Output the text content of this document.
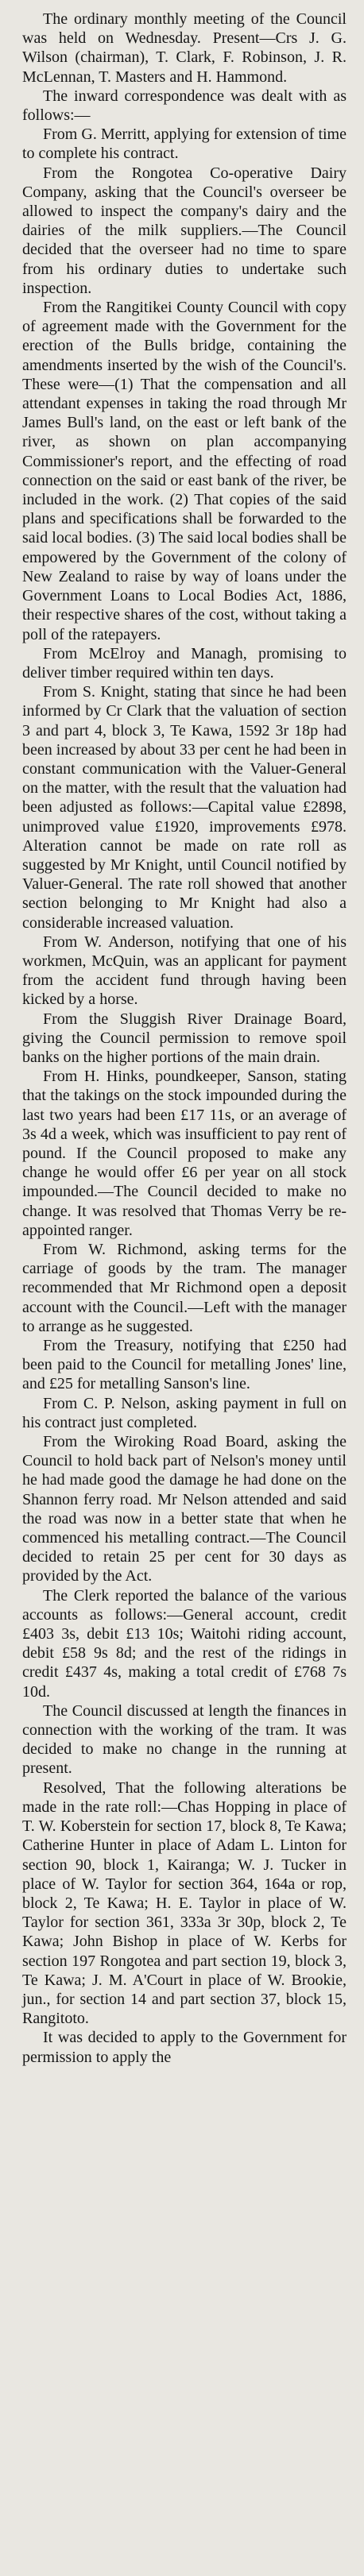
The ordinary monthly meeting of the Council was held on Wednesday. Present—Crs J. G. Wilson (chairman), T. Clark, F. Robinson, J. R. McLennan, T. Masters and H. Hammond.

The inward correspondence was dealt with as follows:—

From G. Merritt, applying for extension of time to complete his contract.

From the Rongotea Co-operative Dairy Company, asking that the Council's overseer be allowed to inspect the company's dairy and the dairies of the milk suppliers.—The Council decided that the overseer had no time to spare from his ordinary duties to undertake such inspection.

From the Rangitikei County Council with copy of agreement made with the Government for the erection of the Bulls bridge, containing the amendments inserted by the wish of the Council's. These were—(1) That the compensation and all attendant expenses in taking the road through Mr James Bull's land, on the east or left bank of the river, as shown on plan accompanying Commissioner's report, and the effecting of road connection on the said or east bank of the river, be included in the work. (2) That copies of the said plans and specifications shall be forwarded to the said local bodies. (3) The said local bodies shall be empowered by the Government of the colony of New Zealand to raise by way of loans under the Government Loans to Local Bodies Act, 1886, their respective shares of the cost, without taking a poll of the ratepayers.

From McElroy and Managh, promising to deliver timber required within ten days.

From S. Knight, stating that since he had been informed by Cr Clark that the valuation of section 3 and part 4, block 3, Te Kawa, 1592 3r 18p had been increased by about 33 per cent he had been in constant communication with the Valuer-General on the matter, with the result that the valuation had been adjusted as follows:—Capital value £2898, unimproved value £1920, improvements £978. Alteration cannot be made on rate roll as suggested by Mr Knight, until Council notified by Valuer-General. The rate roll showed that another section belonging to Mr Knight had also a considerable increased valuation.

From W. Anderson, notifying that one of his workmen, McQuin, was an applicant for payment from the accident fund through having been kicked by a horse.

From the Sluggish River Drainage Board, giving the Council permission to remove spoil banks on the higher portions of the main drain.

From H. Hinks, poundkeeper, Sanson, stating that the takings on the stock impounded during the last two years had been £17 11s, or an average of 3s 4d a week, which was insufficient to pay rent of pound. If the Council proposed to make any change he would offer £6 per year on all stock impounded.—The Council decided to make no change. It was resolved that Thomas Verry be re-appointed ranger.

From W. Richmond, asking terms for the carriage of goods by the tram. The manager recommended that Mr Richmond open a deposit account with the Council.—Left with the manager to arrange as he suggested.

From the Treasury, notifying that £250 had been paid to the Council for metalling Jones' line, and £25 for metalling Sanson's line.

From C. P. Nelson, asking payment in full on his contract just completed.

From the Wiroking Road Board, asking the Council to hold back part of Nelson's money until he had made good the damage he had done on the Shannon ferry road. Mr Nelson attended and said the road was now in a better state that when he commenced his metalling contract.—The Council decided to retain 25 per cent for 30 days as provided by the Act.

The Clerk reported the balance of the various accounts as follows:—General account, credit £403 3s, debit £13 10s; Waitohi riding account, debit £58 9s 8d; and the rest of the ridings in credit £437 4s, making a total credit of £768 7s 10d.

The Council discussed at length the finances in connection with the working of the tram. It was decided to make no change in the running at present.

Resolved, That the following alterations be made in the rate roll:—Chas Hopping in place of T. W. Koberstein for section 17, block 8, Te Kawa; Catherine Hunter in place of Adam L. Linton for section 90, block 1, Kairanga; W. J. Tucker in place of W. Taylor for section 364, 164a or rop, block 2, Te Kawa; H. E. Taylor in place of W. Taylor for section 361, 333a 3r 30p, block 2, Te Kawa; John Bishop in place of W. Kerbs for section 197 Rongotea and part section 19, block 3, Te Kawa; J. M. A'Court in place of W. Brookie, jun., for section 14 and part section 37, block 15, Rangitoto.

It was decided to apply to the Government for permission to apply the
